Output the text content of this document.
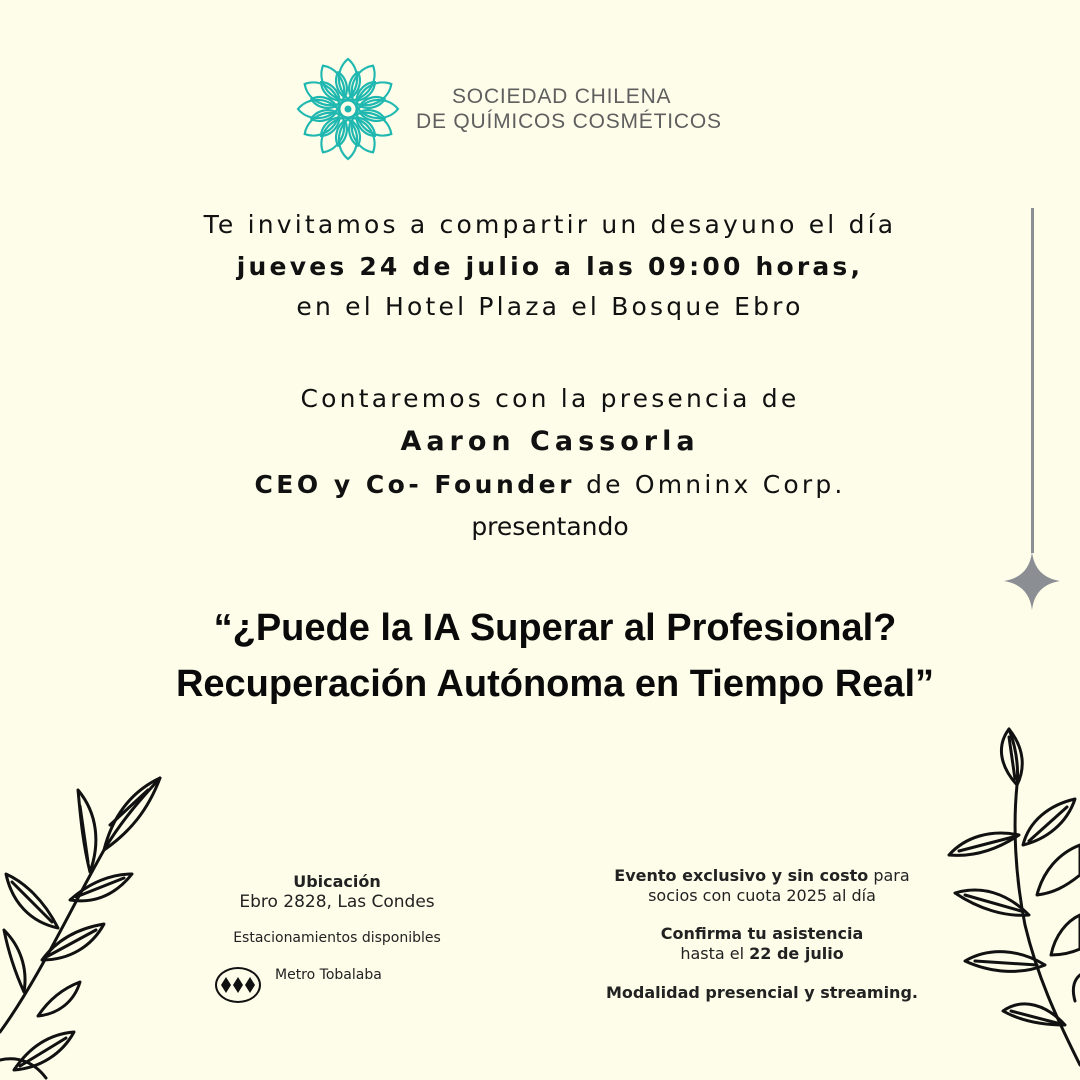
SOCIEDAD CHILENA
DE QUÍMICOS COSMÉTICOS
Te invitamos a compartir un desayuno el día
jueves 24 de julio a las 09:00 horas,
en el Hotel Plaza el Bosque Ebro
Contaremos con la presencia de
Aaron Cassorla
CEO y Co- Founder de Omninx Corp.
presentando
“¿Puede la IA Superar al Profesional?
Recuperación Autónoma en Tiempo Real”
Ubicación
Ebro 2828, Las Condes
Estacionamientos disponibles
Metro Tobalaba
Evento exclusivo y sin costo para
socios con cuota 2025 al día
Confirma tu asistencia
hasta el 22 de julio
Modalidad presencial y streaming.
